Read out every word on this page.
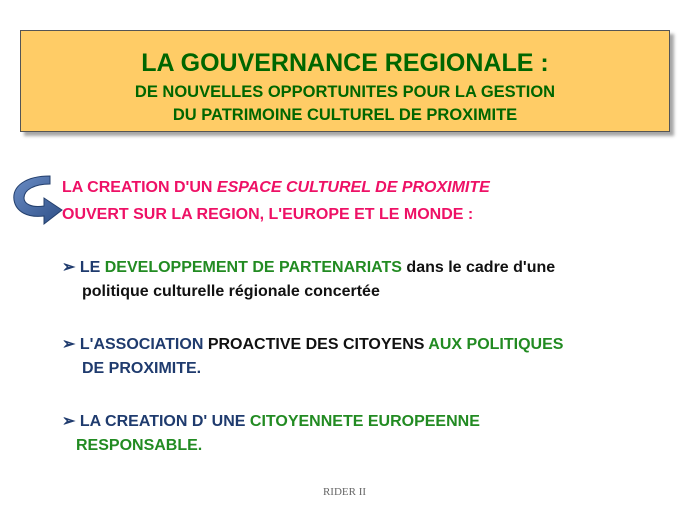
LA GOUVERNANCE REGIONALE :
DE NOUVELLES OPPORTUNITES POUR LA GESTION
DU PATRIMOINE CULTUREL DE PROXIMITE
LA CREATION D'UN ESPACE CULTUREL DE PROXIMITE
OUVERT SUR LA REGION, L'EUROPE ET LE MONDE :
➢ LE DEVELOPPEMENT DE PARTENARIATS dans le cadre d'une
politique culturelle régionale concertée
➢ L'ASSOCIATION PROACTIVE DES CITOYENS AUX POLITIQUES
DE PROXIMITE.
➢ LA CREATION D' UNE CITOYENNETE EUROPEENNE
RESPONSABLE.
RIDER II
